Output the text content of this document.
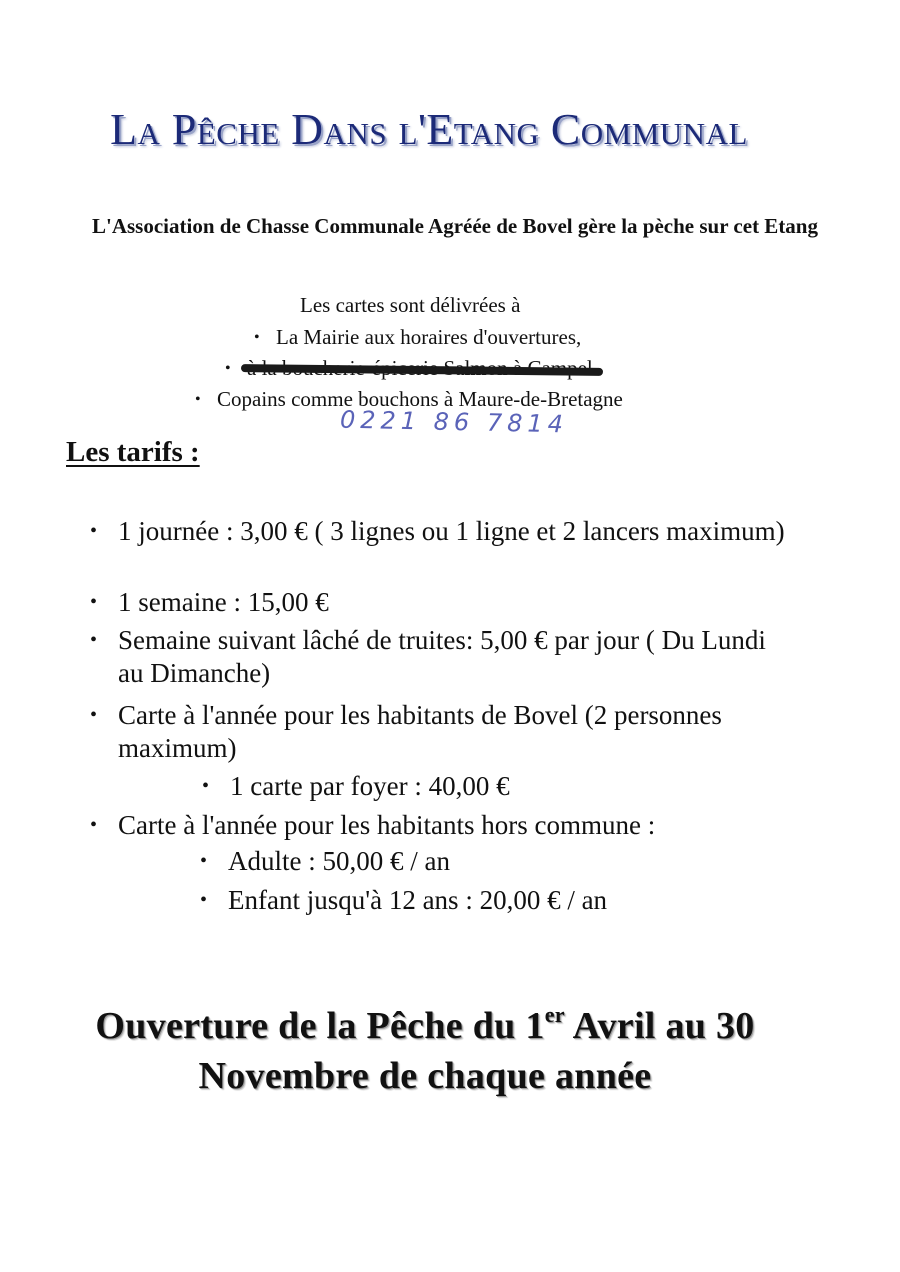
La Pêche Dans l'Etang Communal
L'Association de Chasse Communale Agréée de Bovel gère la pèche sur cet Etang
Les cartes sont délivrées à
• La Mairie aux horaires d'ouvertures,
•
• Copains comme bouchons à Maure-de-Bretagne
0221 86 7814
Les tarifs :
• 1 journée : 3,00 € ( 3 lignes ou 1 ligne et 2 lancers maximum)
• 1 semaine : 15,00 €
• Semaine suivant lâché de truites: 5,00 € par jour ( Du Lundi au Dimanche)
• Carte à l'année pour les habitants de Bovel (2 personnes maximum)
• 1 carte par foyer : 40,00 €
• Carte à l'année pour les habitants hors commune :
• Adulte : 50,00 € / an
• Enfant jusqu'à 12 ans : 20,00 € / an
Ouverture de la Pêche du 1er Avril au 30
Novembre de chaque année
